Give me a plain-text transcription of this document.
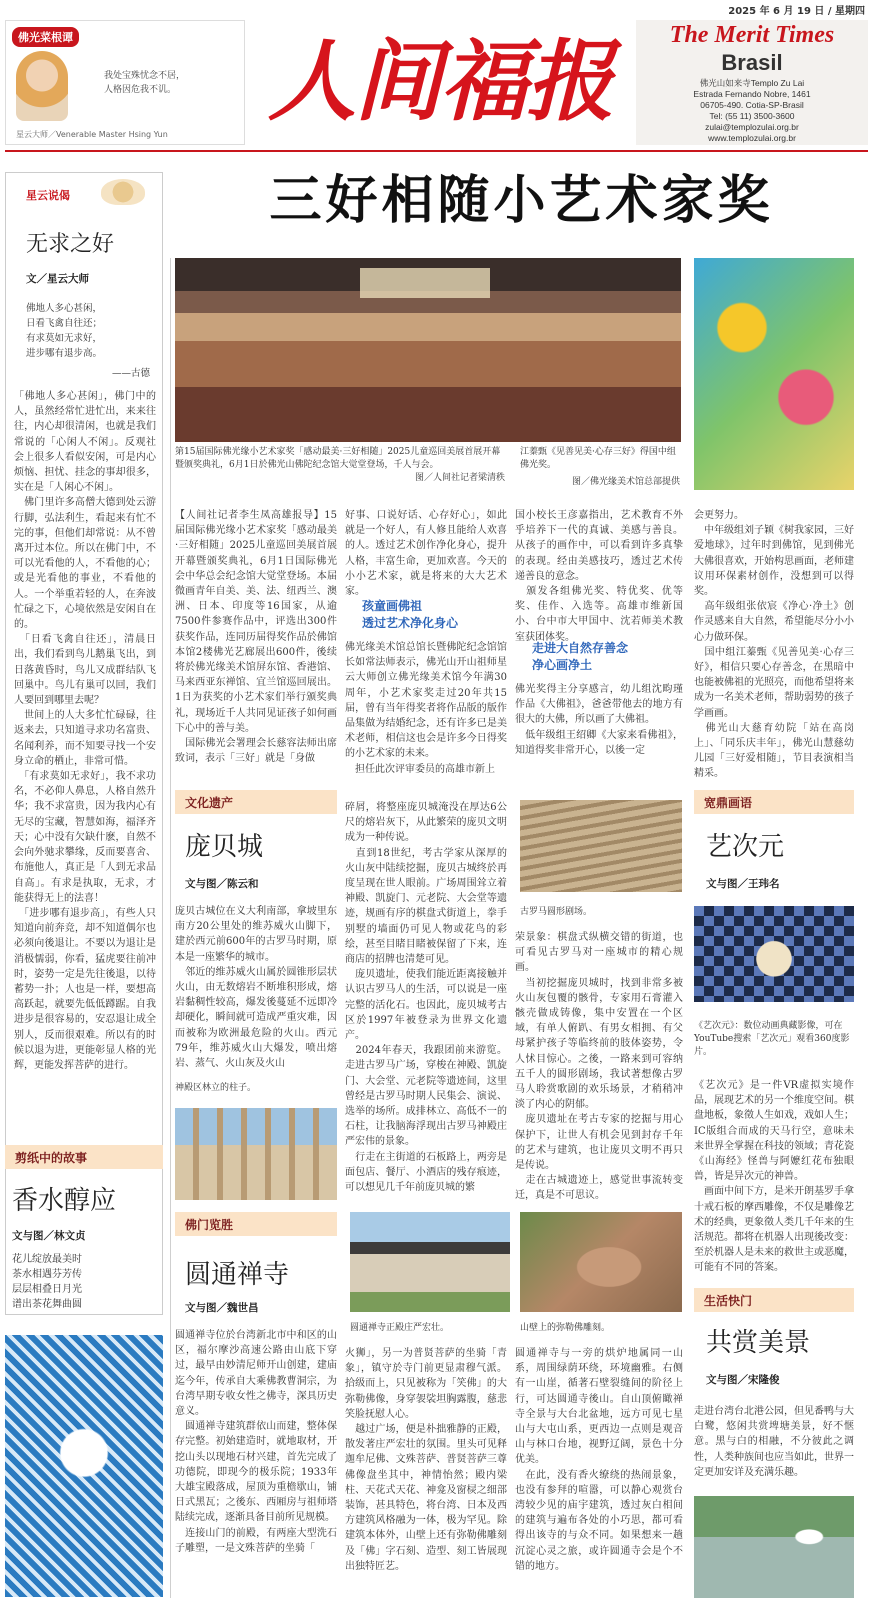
2025 年 6 月 19 日 / 星期四
佛光菜根谭
我处宝殊忧念不居，
人格因危我不讥。
星云大师／Venerable Master Hsing Yun
人间福报	The Merit Times
Brasil
佛光山如来寺Templo Zu Lai
Estrada Fernando Nobre, 1461
06705-490. Cotia-SP-Brasil
Tel: (55 11) 3500-3600
zulai@templozulai.org.br
www.templozulai.org.br
三好相随小艺术家奖
星云说偈
无求之好
文／星云大师
佛地人多心甚闲，
日看飞禽自往还；
有求莫如无求好，
进步哪有退步高。
——古德
「佛地人多心甚闲」，佛门中的人，虽然经常忙进忙出，来来往往，内心却很清闲，也就是我们常说的「心闲人不闲」。反观社会上很多人看似安闲，可是内心烦恼、担忧、挂念的事却很多，实在是「人闲心不闲」。
　佛门里许多高僧大德到处云游行脚，弘法利生，看起来有忙不完的事，但他们却常说：从不曾离开过本位。所以在佛门中，不可以光看他的人，不看他的心；或是光看他的事业，不看他的人。一个举重若轻的人，在奔波忙碌之下，心境依然是安闲自在的。
　「日看飞禽自往还」，清晨日出，我们看到鸟儿鹅巢飞出，到日落黄昏时，鸟儿又成群结队飞回巢中。鸟儿有巢可以回，我们人要回到哪里去呢？
　世间上的人大多忙忙碌碌，往返来去，只知道寻求功名富贵、名闻利养，而不知要寻找一个安身立命的栖止，非常可惜。
　「有求莫如无求好」，我不求功名，不必仰人鼻息，人格自然升华；我不求富贵，因为我内心有无尽的宝藏，智慧如海，福泽齐天；心中没有欠缺什麽，自然不会向外驰求攀缘，反而要喜舍、布施他人，真正是「人到无求品自高」。有求是执取，无求，才能获得无上的法喜！
　「进步哪有退步高」，有些人只知道向前奔竞，却不知道偶尔也必须向後退让。不要以为退让是消极懦弱，你看，猛虎要往前冲时，姿势一定是先往後退，以待蓄势一扑；人也是一样，要想高高跃起，就要先低低蹲踞。自我进步是很容易的，安忍退让成全别人，反而很艰难。所以有的时候以退为进，更能彰显人格的光辉，更能发挥菩萨的进行。
剪纸中的故事
香水醇应
文与图／林文贞
花儿绽放最美时
茶水相遇芬芳传
层层相叠日月光
谱出茶花舞曲圆
第15届国际佛光缘小艺术家奖「感动最美·三好相随」2025儿童巡回美展首展开幕暨颁奖典礼，6月1日於佛光山佛陀纪念馆大觉堂登场，千人与会。
图／人间社记者梁清秩
江蓁甄《见善见美·心存三好》得国中组佛光奖。
图／佛光缘美术馆总部提供
【人间社记者李生凤高雄报导】15届国际佛光缘小艺术家奖「感动最美·三好相随」2025儿童巡回美展首展开幕暨颁奖典礼，6月1日国际佛光会中华总会纪念馆大觉堂登场。本届微画青年自美、美、法、纽西兰、澳洲、日本、印度等16国家，从逾7500件参赛作品中，评选出300件获奖作品，连同历届得奖作品於佛馆本馆2楼佛光艺廊展出600件，後续将於佛光缘美术馆屏东馆、香港馆、马来西亚东禅馆、宜兰馆巡回展出。1日为获奖的小艺术家们举行颁奖典礼，现场近千人共同见证孩子如何画下心中的善与美。
　国际佛光会署理会长慈容法师出席致词，表示「三好」就是「身做
好事、口说好话、心存好心」，如此就是一个好人，有人修且能给人欢喜的人。透过艺术创作净化身心，提升人格，丰富生命，更加欢喜。今天的小小艺术家，就是将来的大大艺术家。
孩童画佛祖
透过艺术净化身心
佛光缘美术馆总馆长暨佛陀纪念馆馆长如常法师表示，佛光山开山祖师星云大师创立佛光缘美术馆今年满30周年，小艺术家奖走过20年共15届，曾有当年得奖者将作品版的版作品集做为结婚纪念，还有许多已是美术老师，相信这也会是许多今日得奖的小艺术家的未来。
　担任此次评审委员的高雄市新上
国小校长王彦嘉指出，艺术教育不外乎培养下一代的真诚、美感与善良。从孩子的画作中，可以看到许多真挚的表现。经由美感技巧，透过艺术传递善良的意念。
　颁发各组佛光奖、特优奖、优等奖、佳作、入选等。高雄市维新国小、台中市大甲国中、沈若师美术教室获团体奖。
走进大自然存善念
净心画净土
佛光奖得主分享感言，幼儿组沈畇瑾作品《大佛祖》，爸爸带他去的地方有很大的大佛，所以画了大佛祖。
　低年级组王绍卿《大家来看佛祖》，知道得奖非常开心，以後一定
会更努力。
　中年级组刘子颖《树我家园，三好爱地球》，过年时到佛馆，见到佛光大佛很喜欢，开始构思画面，老师建议用环保素材创作，没想到可以得奖。
　高年级组张依宸《净心·净土》创作灵感来自大自然，希望能尽分小小心力做环保。
　国中组江蓁甄《见善见美·心存三好》，相信只要心存善念，在黑暗中也能被佛祖的光照亮，而他希望将来成为一名美术老师，帮助弱势的孩子学画画。
　佛光山大慈育幼院「站在高岗上」、「同乐庆丰年」，佛光山慧慈幼儿园「三好爱相随」，节目表演相当精采。
文化遗产
庞贝城
文与图／陈云和
庞贝古城位在义大利南部，拿坡里东南方20公里处的维苏威火山脚下，建於西元前600年的古罗马时期，原本是一座繁华的城市。
　邻近的维苏威火山属於圆锥形层状火山，由无数熔岩不断堆积形成，熔岩黏稠性较高，爆发後蔓延不远即冷却硬化，瞬间就可造成严重灾难，因而被称为欧洲最危险的火山。西元79年，维苏威火山大爆发，喷出熔岩、蒸气、火山灰及火山
神殿区林立的柱子。
碎屑，将整座庞贝城淹没在厚达6公尺的熔岩灰下，从此繁荣的庞贝文明成为一种传说。
　直到18世纪，考古学家从深厚的火山灰中陆续挖掘，庞贝古城终於再度呈现在世人眼前。广场周围耸立着神殿、凯旋门、元老院、大会堂等遗迹，规画有序的棋盘式街道上，拳手别墅的墙面仍可见人物或花鸟的彩绘，甚至目睹目睹被保留了下来，连商店的招牌也清楚可见。
　庞贝遗址，使我们能近距离接触并认识古罗马人的生活，可以说是一座完整的活化石。也因此，庞贝城考古区於1997年被登录为世界文化遗产。
　2024年春天，我跟团前来游览。走进古罗马广场，穿梭在神殿、凯旋门、大会堂、元老院等遗迹间，这里曾经是古罗马时期人民集会、演说、选举的场所。成排林立、高低不一的石柱，让我脑海浮现出古罗马神殿庄严宏伟的景象。
　行走在主街道的石板路上，两旁是面包店、餐厅、小酒店的残存痕迹，可以想见几千年前庞贝城的繁
古罗马圆形剧场。
荣景象：棋盘式纵横交错的街道，也可看见古罗马对一座城市的精心规画。
　当初挖掘庞贝城时，找到非常多被火山灰包覆的骸骨，专家用石膏灌入骸壳做成铸像，集中安置在一个区域，有单人俯趴、有男女相拥、有父母紧护孩子等临终前的肢体姿势，令人怵目惊心。之後，一路来到可容纳五千人的圆形剧场，我试著想像古罗马人聆赏歌剧的欢乐场景，才稍稍冲淡了内心的阴郁。
　庞贝遗址在考古专家的挖掘与用心保护下，让世人有机会见到封存千年的艺术与建筑，也让庞贝文明不再只是传说。
　走在古城遗迹上，感觉世事流转变迁，真是不可思议。
宽鼎画语
艺次元
文与图／王玮名
《艺次元》：数位动画典藏影像，可在YouTube搜索「艺次元」观看360度影片。
《艺次元》是一件VR虚拟实境作品，展现艺术的另一个维度空间。棋盘地板，象徵人生如戏，戏如人生；IC版组合而成的天马行空，意味未来世界全掌握在科技的领域；青花瓷《山海经》怪兽与阿嬷红花布独眼兽，皆是异次元的神兽。
　画面中间下方，是米开朗基罗手拿十戒石板的摩西雕像，不仅是雕像艺术的经典，更象徵人类几千年来的生活规范。都将在机器人出现後改变：至於机器人是未来的救世主或恶魔，可能有不同的答案。
佛门览胜
圆通禅寺
文与图／魏世昌
圆通禅寺位於台湾新北市中和区的山区，福尔摩沙高速公路由山底下穿过，最早由妙清尼师开山创建，建庙迄今年，传承自大乘佛教曹洞宗，为台湾早期专收女性之佛寺，深具历史意义。
　圆通禅寺建筑群依山而建，整体保存完整。初始建造时，就地取材，开挖山头以现地石材兴建，首先完成了功德院，即现今的极乐院；1933年大雄宝殿落成，屋顶为重檐歇山，铺日式黑瓦；之後东、西厢房与祖师塔陆续完成，逐渐具备目前所见规模。
　连接山门的前殿，有两座大型洗石子雕塑，一是文殊菩萨的坐骑「
圆通禅寺正殿庄严宏壮。
火狮」，另一为普贤菩萨的坐骑「青象」，镇守於寺门前更显肃穆气派。拾级而上，只见被称为「笑佛」的大弥勒佛像，身穿袈裟坦胸露腹，慈悲笑脸抚慰人心。
　越过广场，便是朴拙雅静的正殿，散发著庄严宏壮的氛围。里头可见释迦牟尼佛、文殊菩萨、普贤菩萨三尊佛像盘坐其中，神情怡然；殿内梁柱、天花式天花、神龛及窗棂之细部装饰，甚具特色，将台湾、日本及西方建筑风格融为一体，极为罕见。除建筑本体外，山壁上还有弥勒佛雕刻及「佛」字石刻、造型、刻工皆展现出独特匠艺。
山壁上的弥勒佛雕刻。
圆通禅寺与一旁的烘炉地属同一山系，周围绿荫环绕，环境幽雅。右侧有一山崖，循著石壁裂缝间的阶径上行，可达圆通寺後山。自山顶俯瞰禅寺全景与大台北盆地，远方可见七星山与大屯山系，更西边一点则是观音山与林口台地，视野辽阔，景色十分优美。
　在此，没有香火缭绕的热闹景象，也没有参拜的喧嚣，可以静心观赏台湾较少见的庙宇建筑，透过灰白相间的建筑与遍布各处的小巧思，都可看得出该寺的与众不同。如果想来一趟沉淀心灵之旅，或许圆通寺会是个不错的地方。
生活快门
共赏美景
文与图／宋隆俊
走进台湾台北港公园，但见番鸭与大白鹭，悠闲共赏埤塘美景，好不惬意。黑与白的相融，不分彼此之调性，人类种族间也应当如此，世界一定更加安详及充满乐趣。
